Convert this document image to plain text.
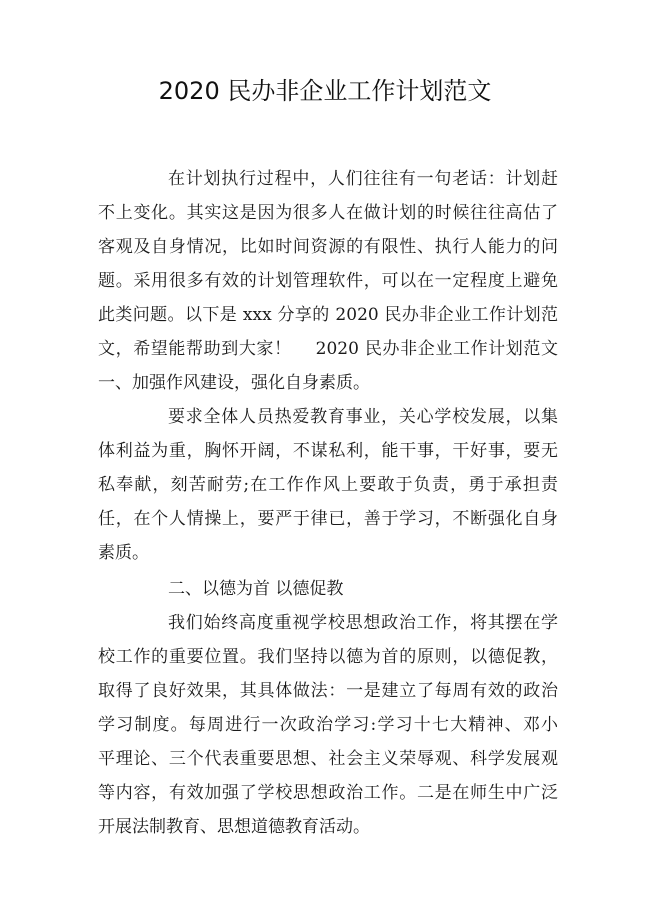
2020 民办非企业工作计划范文

在计划执行过程中，人们往往有一句老话：计划赶

不上变化。其实这是因为很多人在做计划的时候往往高估了

客观及自身情况，比如时间资源的有限性、执行人能力的问

题。采用很多有效的计划管理软件，可以在一定程度上避免

此类问题。以下是 xxx 分享的 2020 民办非企业工作计划范

文，希望能帮助到大家！    2020 民办非企业工作计划范文

一、加强作风建设，强化自身素质。

要求全体人员热爱教育事业，关心学校发展，以集

体利益为重，胸怀开阔，不谋私利，能干事，干好事，要无

私奉献，刻苦耐劳;在工作作风上要敢于负责，勇于承担责

任，在个人情操上，要严于律已，善于学习，不断强化自身

素质。

二、以德为首 以德促教

我们始终高度重视学校思想政治工作，将其摆在学

校工作的重要位置。我们坚持以德为首的原则，以德促教，

取得了良好效果，其具体做法：一是建立了每周有效的政治

学习制度。每周进行一次政治学习:学习十七大精神、邓小

平理论、三个代表重要思想、社会主义荣辱观、科学发展观

等内容，有效加强了学校思想政治工作。二是在师生中广泛

开展法制教育、思想道德教育活动。
